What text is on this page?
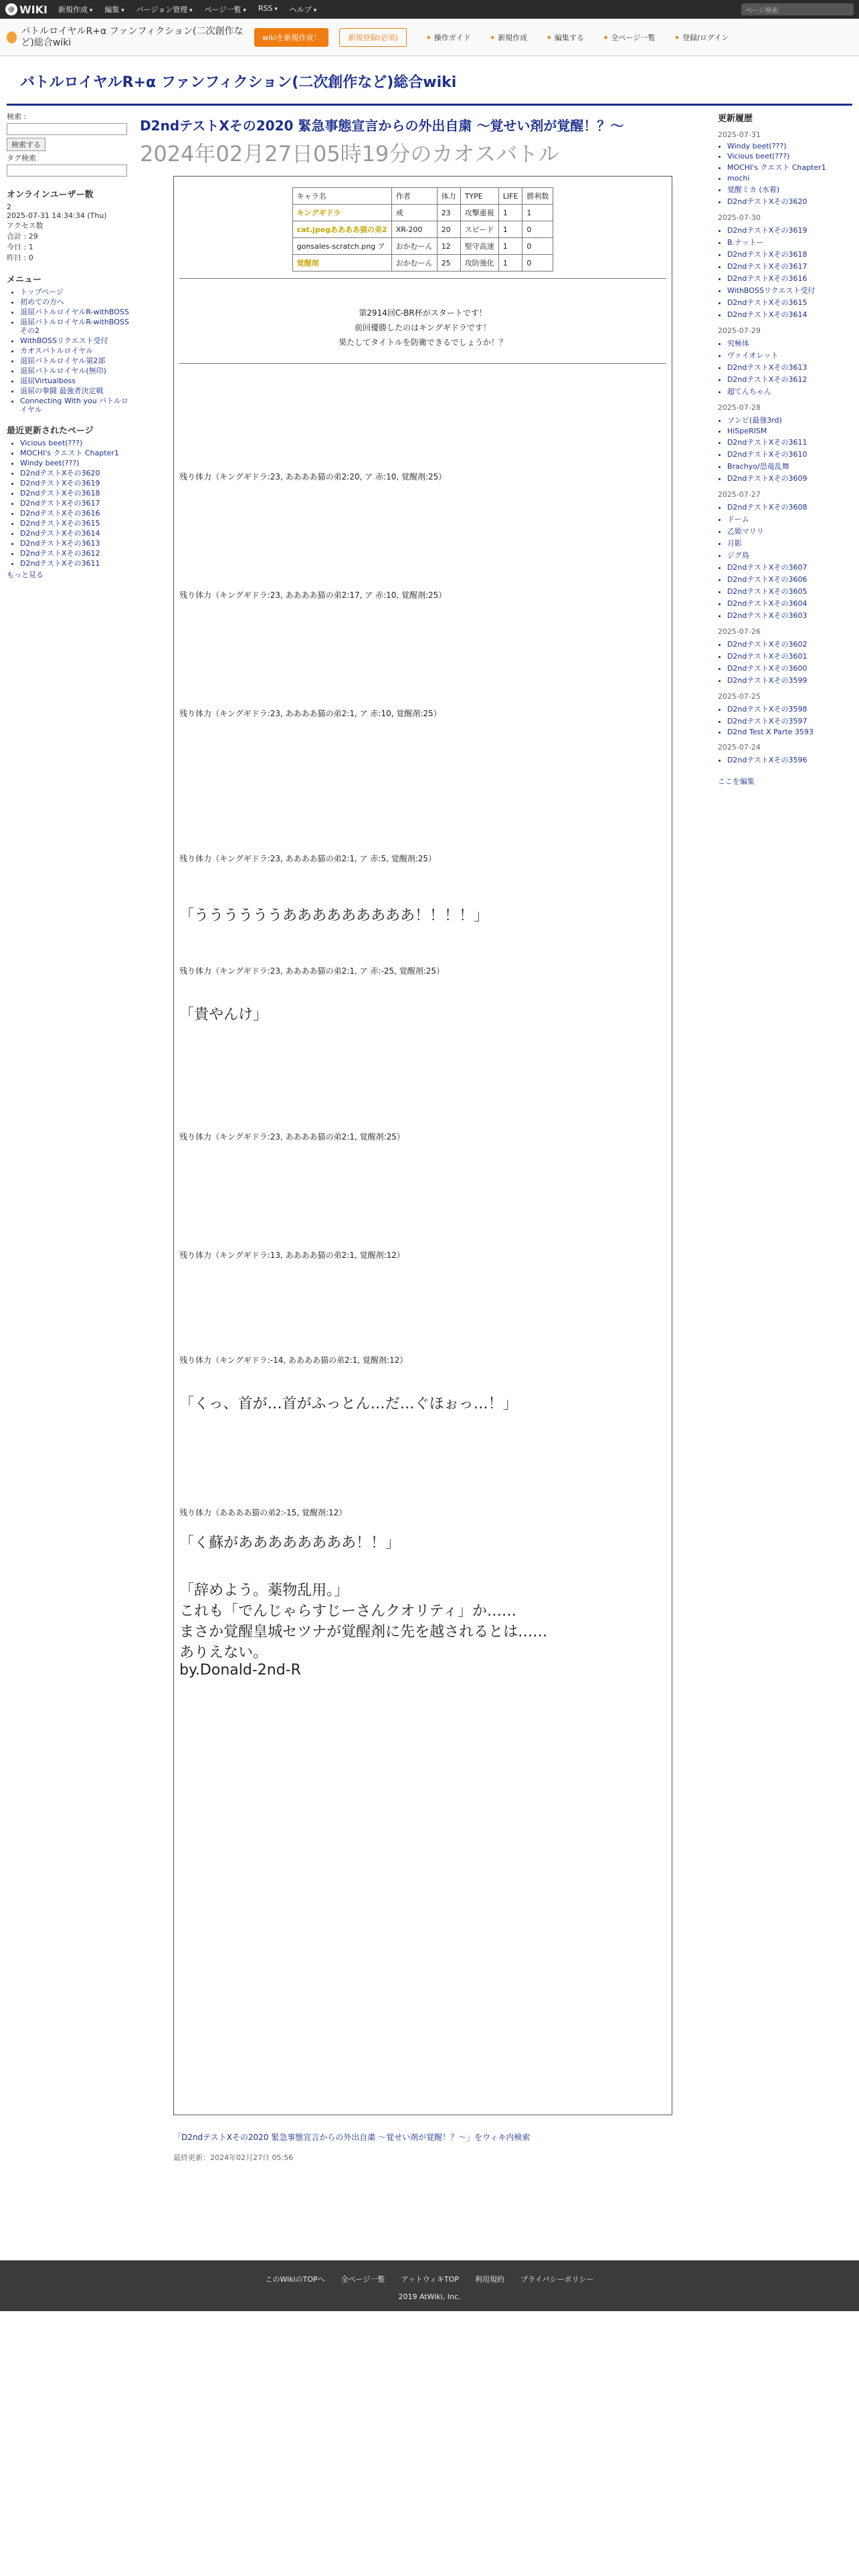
@ WIKI 新規作成 ▾	編集 ▾	バージョン管理 ▾	ページ一覧 ▾	RSS ▾	ヘルプ ▾	ページ検索
バトルロイヤルR+α ファンフィクション(二次創作など)総合wiki	wikiを新規作成！	新規登録(必須)	✦ 操作ガイド	✦ 新規作成	✦ 編集する	✦ 全ページ一覧	✦ 登録/ログイン
バトルロイヤルR+α ファンフィクション(二次創作など)総合wiki
検索 :
検索する
タグ検索
オンラインユーザー数
2
2025-07-31 14:34:34 (Thu)
アクセス数
合計 : 29
今日 : 1
昨日 : 0
メニュー
• トップページ
• 初めての方へ
• 退屈バトルロイヤルR-withBOSS
• 退屈バトルロイヤルR-withBOSSその2
• WithBOSSリクエスト受付
• カオスバトルロイヤル
• 退屈バトルロイヤル第2部
• 退屈バトルロイヤル(無印)
• 退屈Virtualboss
• 退屈の拳闘 最強者決定戦
• Connecting With you バトルロイヤル
最近更新されたページ
• Vicious beet(???)
• MOCHI's クエスト Chapter1
• Windy beet(???)
• D2ndテストXその3620
• D2ndテストXその3619
• D2ndテストXその3618
• D2ndテストXその3617
• D2ndテストXその3616
• D2ndテストXその3615
• D2ndテストXその3614
• D2ndテストXその3613
• D2ndテストXその3612
• D2ndテストXその3611
もっと見る
D2ndテストXその2020 緊急事態宣言からの外出自粛 〜覚せい剤が覚醒！？〜
2024年02月27日05時19分のカオスバトル
キャラ名	作者	体力	TYPE	LIFE	勝利数
キングギドラ	戒	23	攻撃重視	1	1
cat.jpegああああ猫の弟2	XR-200	20	スピード	1	0
gonsales-scratch.png ア	おかむーん	12	堅守高速	1	0
覚醒剤	おかむーん	25	攻防強化	1	0
第2914回C-BR杯がスタートです！
前回優勝したのはキングギドラです！
果たしてタイトルを防衛できるでしょうか！？
残り体力（キングギドラ:23, ああああ猫の弟2:20, ア 赤:10, 覚醒剤:25）
残り体力（キングギドラ:23, ああああ猫の弟2:17, ア 赤:10, 覚醒剤:25）
残り体力（キングギドラ:23, ああああ猫の弟2:1, ア 赤:10, 覚醒剤:25）
残り体力（キングギドラ:23, ああああ猫の弟2:1, ア 赤:5, 覚醒剤:25）
「ううううううあああああああああ！！！！」
残り体力（キングギドラ:23, ああああ猫の弟2:1, ア 赤:-25, 覚醒剤:25）
「貴やんけ」
残り体力（キングギドラ:23, ああああ猫の弟2:1, 覚醒剤:25）
残り体力（キングギドラ:13, ああああ猫の弟2:1, 覚醒剤:12）
残り体力（キングギドラ:-14, ああああ猫の弟2:1, 覚醒剤:12）
「くっ、首が…首がふっとん…だ…ぐほぉっ…！」
残り体力（ああああ猫の弟2:-15, 覚醒剤:12）
「く蘇がああああああああ！！」
「辞めよう。薬物乱用。」
これも「でんじゃらすじーさんクオリティ」か……
まさか覚醒皇城セツナが覚醒剤に先を越されるとは……
ありえない。
by.Donald-2nd-R
「D2ndテストXその2020 緊急事態宣言からの外出自粛 〜覚せい剤が覚醒！？〜」をウィキ内検索
最終更新：2024年02月27日 05:56
更新履歴
2025-07-31
• Windy beet(???)
• Vicious beet(???)
• MOCHI's クエスト Chapter1
• mochi
• 覚醒ミカ (水着)
• D2ndテストXその3620
2025-07-30
• D2ndテストXその3619
• B.ナットー
• D2ndテストXその3618
• D2ndテストXその3617
• D2ndテストXその3616
• WithBOSSリクエスト受付
• D2ndテストXその3615
• D2ndテストXその3614
2025-07-29
• 究極体
• ヴァイオレット
• D2ndテストXその3613
• D2ndテストXその3612
• 超てんちゃん
2025-07-28
• ソンビ(最強3rd)
• HiSpeRISM
• D2ndテストXその3611
• D2ndテストXその3610
• Brachyo/恐竜乱舞
• D2ndテストXその3609
2025-07-27
• D2ndテストXその3608
• ドーム
• 乙姫マリリ
• 月影
• ジグ鳥
• D2ndテストXその3607
• D2ndテストXその3606
• D2ndテストXその3605
• D2ndテストXその3604
• D2ndテストXその3603
2025-07-26
• D2ndテストXその3602
• D2ndテストXその3601
• D2ndテストXその3600
• D2ndテストXその3599
2025-07-25
• D2ndテストXその3598
• D2ndテストXその3597
• D2nd Test X Parte 3593
2025-07-24
• D2ndテストXその3596
ここを編集
このWikiのTOPへ 全ページ一覧 アットウィキTOP 利用規約 プライバシーポリシー
2019 AtWiki, Inc.
